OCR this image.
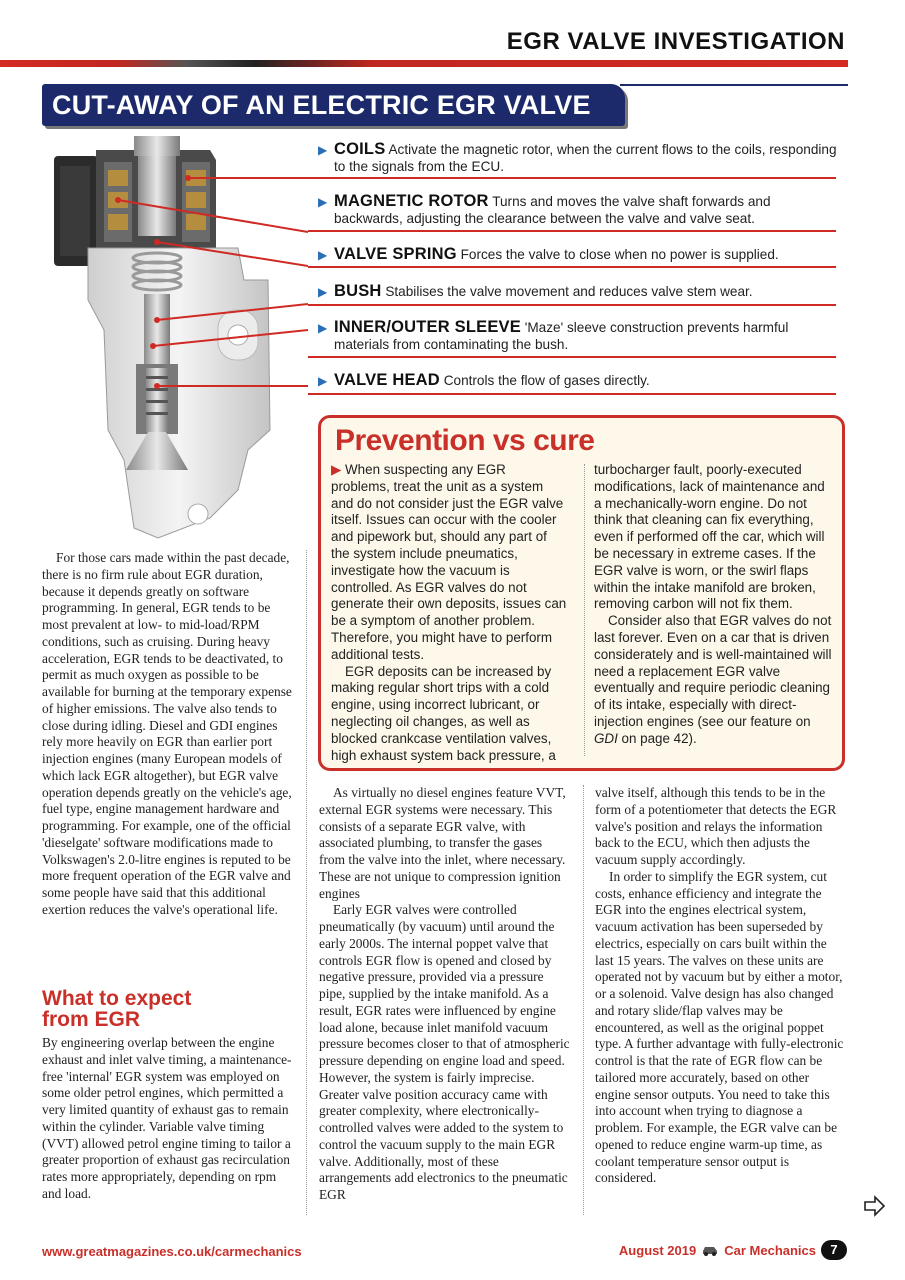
EGR VALVE INVESTIGATION
CUT-AWAY OF AN ELECTRIC EGR VALVE
▶ COILS Activate the magnetic rotor, when the current flows to the coils, responding to the signals from the ECU.
▶ MAGNETIC ROTOR Turns and moves the valve shaft forwards and backwards, adjusting the clearance between the valve and valve seat.
▶ VALVE SPRING Forces the valve to close when no power is supplied.
▶ BUSH Stabilises the valve movement and reduces valve stem wear.
▶ INNER/OUTER SLEEVE 'Maze' sleeve construction prevents harmful materials from contaminating the bush.
▶ VALVE HEAD Controls the flow of gases directly.
Prevention vs cure

▶ When suspecting any EGR problems, treat the unit as a system and do not consider just the EGR valve itself. Issues can occur with the cooler and pipework but, should any part of the system include pneumatics, investigate how the vacuum is controlled. As EGR valves do not generate their own deposits, issues can be a symptom of another problem. Therefore, you might have to perform additional tests.

EGR deposits can be increased by making regular short trips with a cold engine, using incorrect lubricant, or neglecting oil changes, as well as blocked crankcase ventilation valves, high exhaust system back pressure, a

turbocharger fault, poorly-executed modifications, lack of maintenance and a mechanically-worn engine. Do not think that cleaning can fix everything, even if performed off the car, which will be necessary in extreme cases. If the EGR valve is worn, or the swirl flaps within the intake manifold are broken, removing carbon will not fix them.

Consider also that EGR valves do not last forever. Even on a car that is driven considerately and is well-maintained will need a replacement EGR valve eventually and require periodic cleaning of its intake, especially with direct-injection engines (see our feature on GDI on page 42).

For those cars made within the past decade, there is no firm rule about EGR duration, because it depends greatly on software programming. In general, EGR tends to be most prevalent at low- to mid-load/RPM conditions, such as cruising. During heavy acceleration, EGR tends to be deactivated, to permit as much oxygen as possible to be available for burning at the temporary expense of higher emissions. The valve also tends to close during idling. Diesel and GDI engines rely more heavily on EGR than earlier port injection engines (many European models of which lack EGR altogether), but EGR valve operation depends greatly on the vehicle's age, fuel type, engine management hardware and programming. For example, one of the official 'dieselgate' software modifications made to Volkswagen's 2.0-litre engines is reputed to be more frequent operation of the EGR valve and some people have said that this additional exertion reduces the valve's operational life.

What to expect from EGR

By engineering overlap between the engine exhaust and inlet valve timing, a maintenance-free 'internal' EGR system was employed on some older petrol engines, which permitted a very limited quantity of exhaust gas to remain within the cylinder. Variable valve timing (VVT) allowed petrol engine timing to tailor a greater proportion of exhaust gas recirculation rates more appropriately, depending on rpm and load.

As virtually no diesel engines feature VVT, external EGR systems were necessary. This consists of a separate EGR valve, with associated plumbing, to transfer the gases from the valve into the inlet, where necessary. These are not unique to compression ignition engines

Early EGR valves were controlled pneumatically (by vacuum) until around the early 2000s. The internal poppet valve that controls EGR flow is opened and closed by negative pressure, provided via a pressure pipe, supplied by the intake manifold. As a result, EGR rates were influenced by engine load alone, because inlet manifold vacuum pressure becomes closer to that of atmospheric pressure depending on engine load and speed. However, the system is fairly imprecise. Greater valve position accuracy came with greater complexity, where electronically-controlled valves were added to the system to control the vacuum supply to the main EGR valve. Additionally, most of these arrangements add electronics to the pneumatic EGR

valve itself, although this tends to be in the form of a potentiometer that detects the EGR valve's position and relays the information back to the ECU, which then adjusts the vacuum supply accordingly.

In order to simplify the EGR system, cut costs, enhance efficiency and integrate the EGR into the engines electrical system, vacuum activation has been superseded by electrics, especially on cars built within the last 15 years. The valves on these units are operated not by vacuum but by either a motor, or a solenoid. Valve design has also changed and rotary slide/flap valves may be encountered, as well as the original poppet type. A further advantage with fully-electronic control is that the rate of EGR flow can be tailored more accurately, based on other engine sensor outputs. You need to take this into account when trying to diagnose a problem. For example, the EGR valve can be opened to reduce engine warm-up time, as coolant temperature sensor output is considered.

www.greatmagazines.co.uk/carmechanics	August 2019 Car Mechanics	7
